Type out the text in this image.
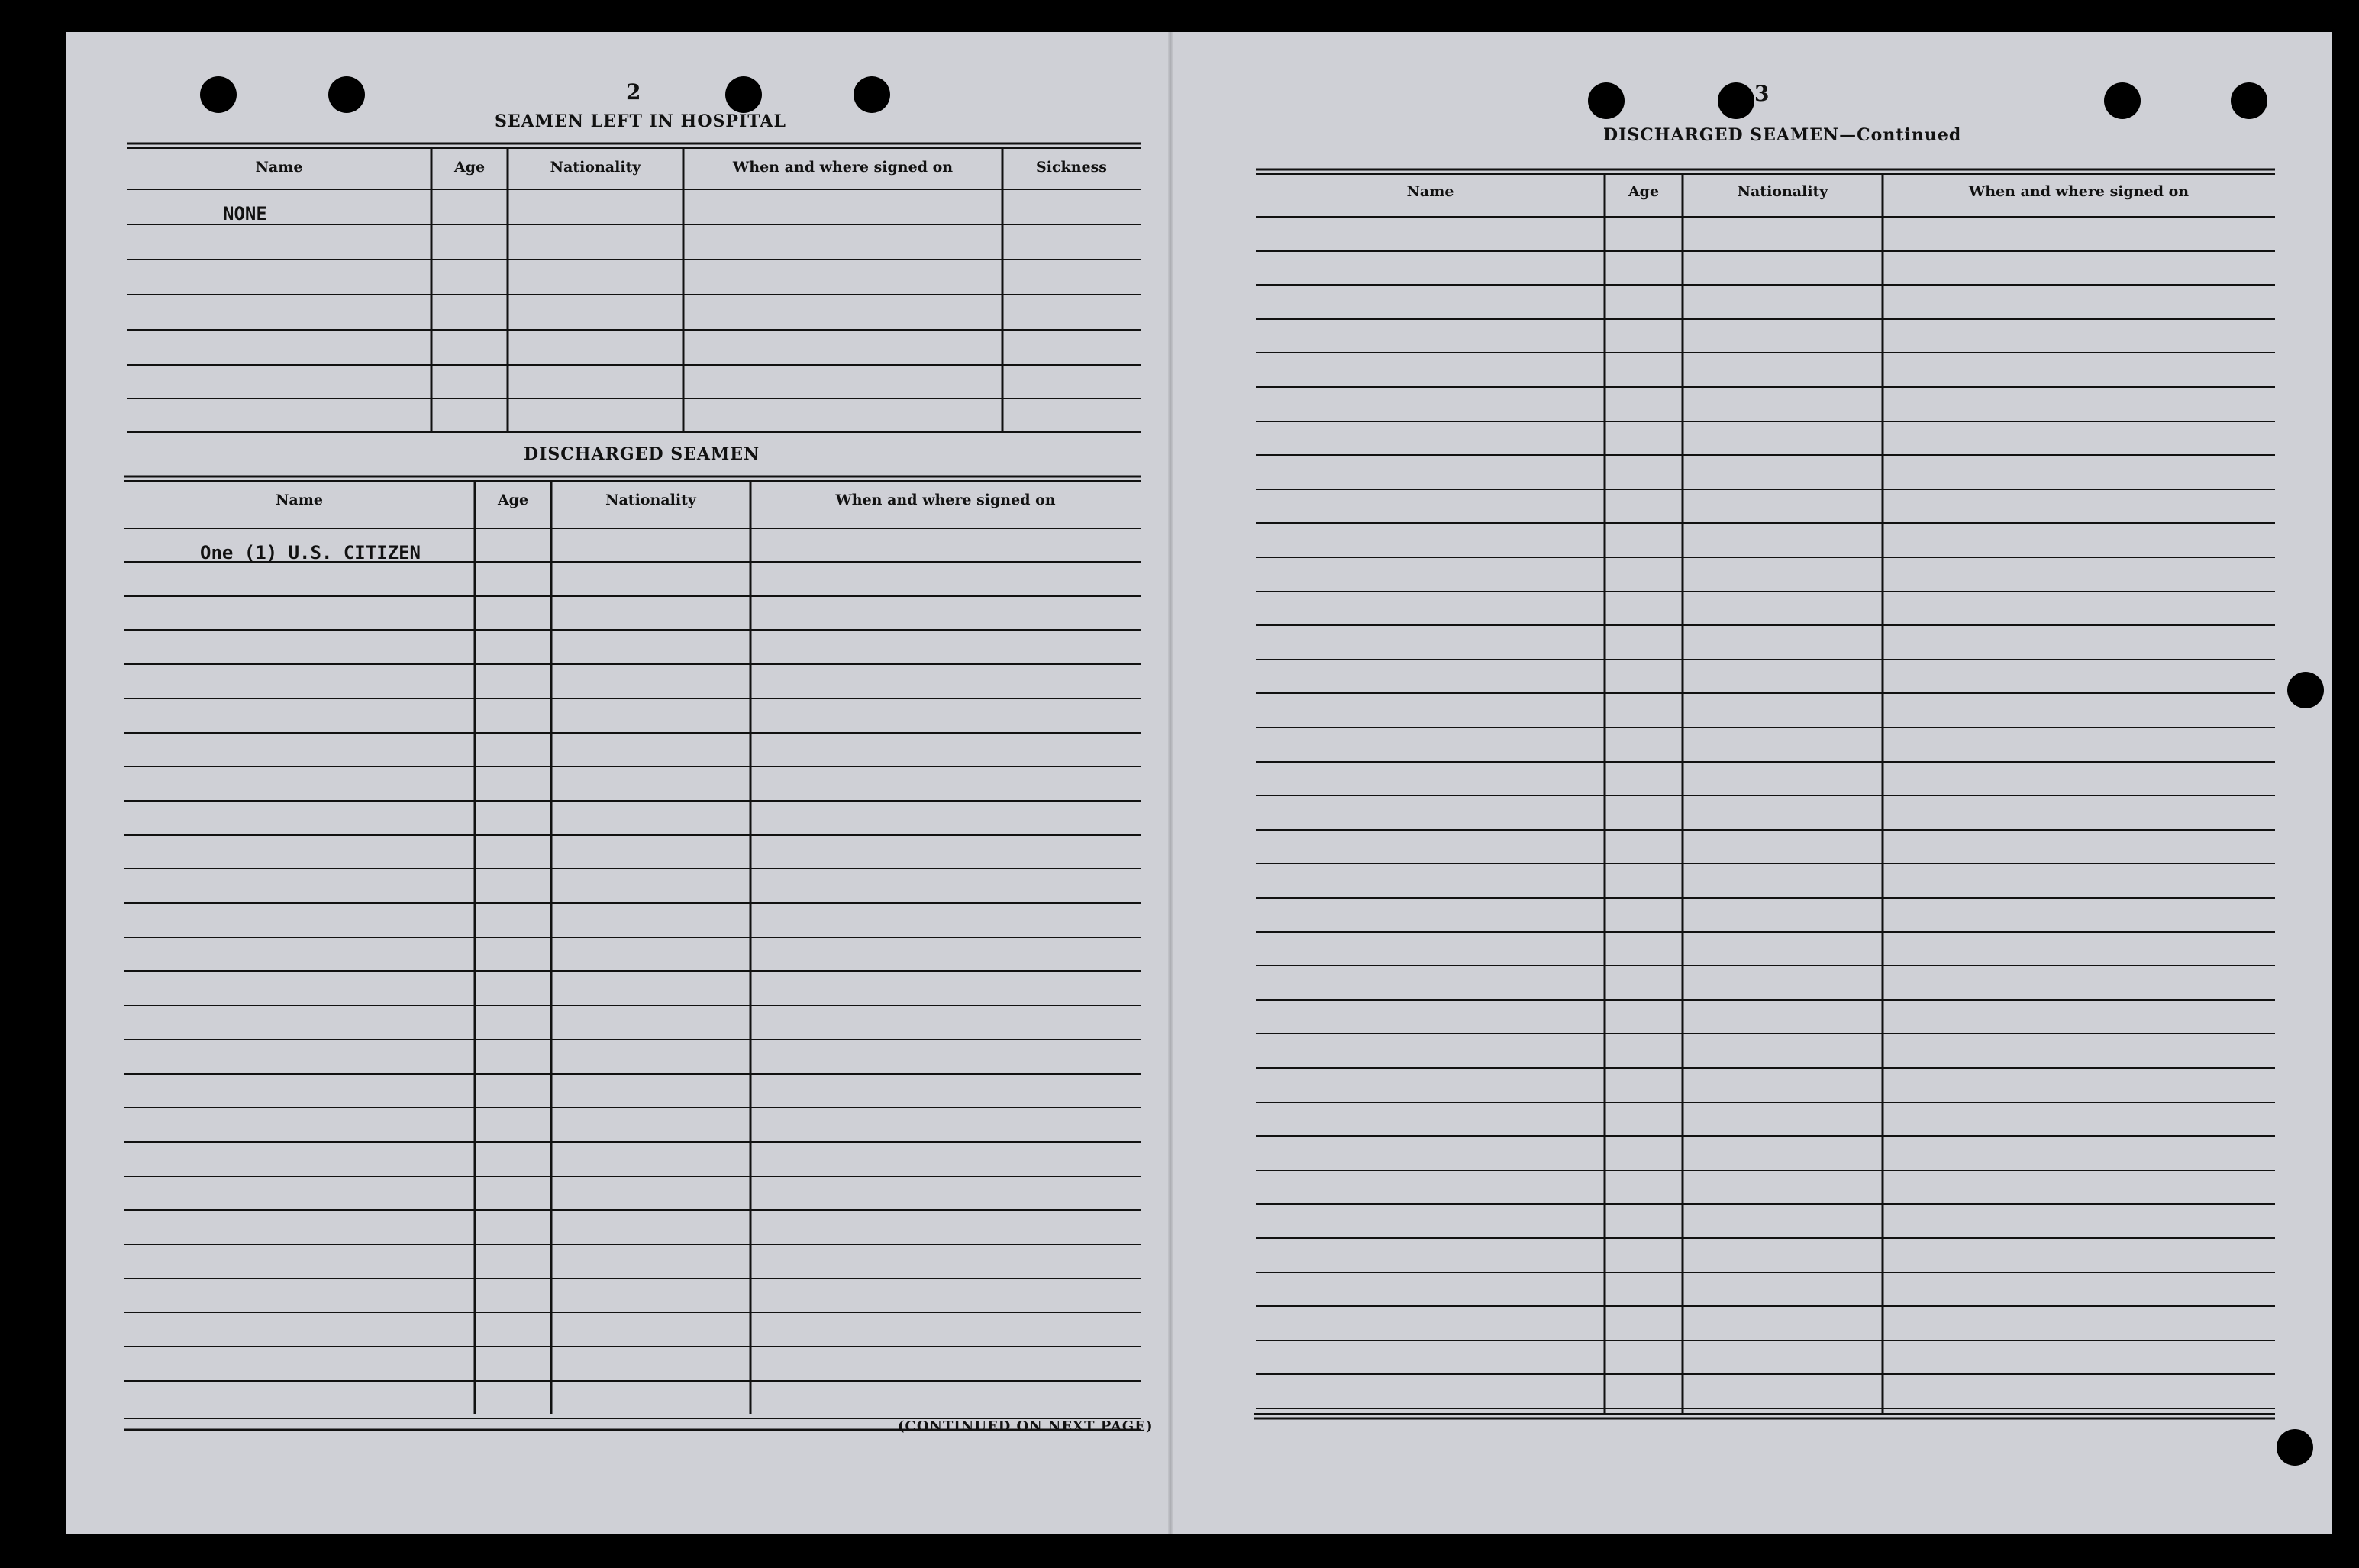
2
SEAMEN LEFT IN HOSPITAL
Name	Age	Nationality	When and where signed on	Sickness
NONE
DISCHARGED SEAMEN
Name	Age	Nationality	When and where signed on
One (1) U.S. CITIZEN
(CONTINUED ON NEXT PAGE)
3
DISCHARGED SEAMEN—Continued
Name	Age	Nationality	When and where signed on
